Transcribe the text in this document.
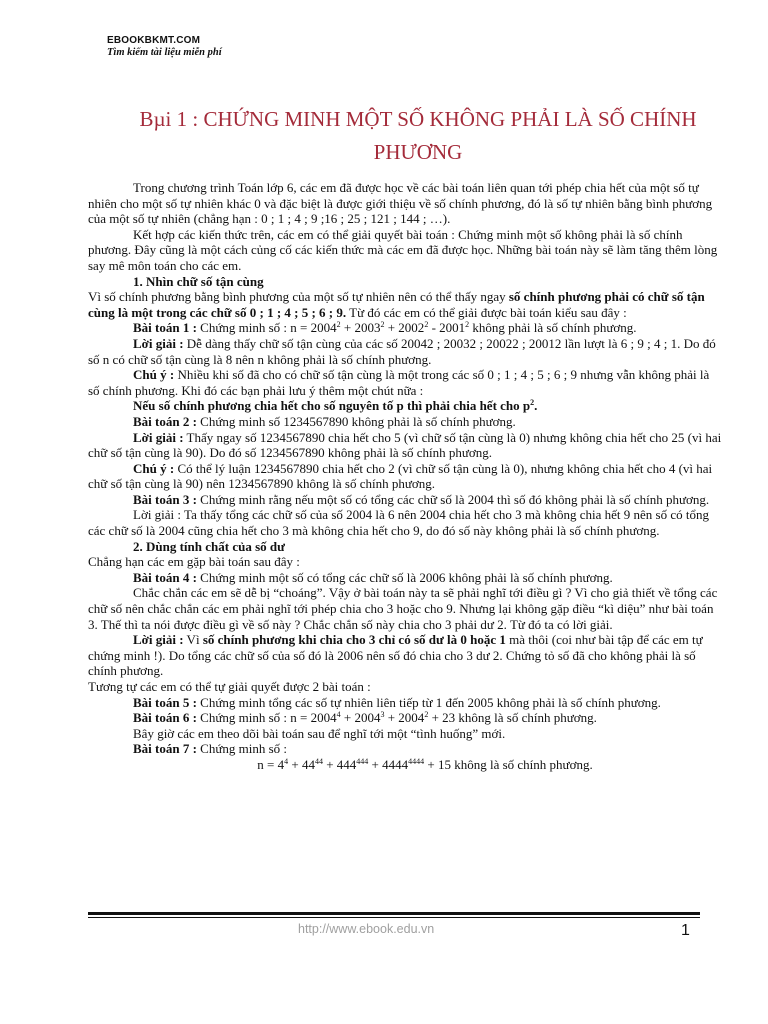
EBOOKBKMT.COM
Tìm kiếm tài liệu miễn phí
Bµi 1 : CHỨNG MINH MỘT SỐ KHÔNG PHẢI LÀ SỐ CHÍNH
PHƯƠNG

Trong chương trình Toán lớp 6, các em đã được học về các bài toán liên quan tới phép chia hết của một số tự nhiên cho một số tự nhiên khác 0 và đặc biệt là được giới thiệu về số chính phương, đó là số tự nhiên bằng bình phương của một số tự nhiên (chẳng hạn : 0 ; 1 ; 4 ; 9 ;16 ; 25 ; 121 ; 144 ; …).

Kết hợp các kiến thức trên, các em có thể giải quyết bài toán : Chứng minh một số không phải là số chính phương. Đây cũng là một cách củng cố các kiến thức mà các em đã được học. Những bài toán này sẽ làm tăng thêm lòng say mê môn toán cho các em.

1. Nhìn chữ số tận cùng

Vì số chính phương bằng bình phương của một số tự nhiên nên có thể thấy ngay số chính phương phải có chữ số tận cùng là một trong các chữ số 0 ; 1 ; 4 ; 5 ; 6 ; 9. Từ đó các em có thể giải được bài toán kiểu sau đây :

Bài toán 1 : Chứng minh số : $n = 2004^2 + 2003^2 + 2002^2 - 2001^2$ không phải là số chính phương.

Lời giải : Dễ dàng thấy chữ số tận cùng của các số 20042 ; 20032 ; 20022 ; 20012 lần lượt là 6 ; 9 ; 4 ; 1. Do đó số n có chữ số tận cùng là 8 nên n không phải là số chính phương.

Chú ý : Nhiều khi số đã cho có chữ số tận cùng là một trong các số 0 ; 1 ; 4 ; 5 ; 6 ; 9 nhưng vẫn không phải là số chính phương. Khi đó các bạn phải lưu ý thêm một chút nữa :

Nếu số chính phương chia hết cho số nguyên tố p thì phải chia hết cho $p^2$.

Bài toán 2 : Chứng minh số 1234567890 không phải là số chính phương.

Lời giải : Thấy ngay số 1234567890 chia hết cho 5 (vì chữ số tận cùng là 0) nhưng không chia hết cho 25 (vì hai chữ số tận cùng là 90). Do đó số 1234567890 không phải là số chính phương.

Chú ý : Có thể lý luận 1234567890 chia hết cho 2 (vì chữ số tận cùng là 0), nhưng không chia hết cho 4 (vì hai chữ số tận cùng là 90) nên 1234567890 không là số chính phương.

Bài toán 3 : Chứng minh rằng nếu một số có tổng các chữ số là 2004 thì số đó không phải là số chính phương.

Lời giải : Ta thấy tổng các chữ số của số 2004 là 6 nên 2004 chia hết cho 3 mà không chia hết 9 nên số có tổng các chữ số là 2004 cũng chia hết cho 3 mà không chia hết cho 9, do đó số này không phải là số chính phương.

2. Dùng tính chất của số dư

Chẳng hạn các em gặp bài toán sau đây :

Bài toán 4 : Chứng minh một số có tổng các chữ số là 2006 không phải là số chính phương.

Chắc chắn các em sẽ dễ bị “choáng”. Vậy ở bài toán này ta sẽ phải nghĩ tới điều gì ? Vì cho giả thiết về tổng các chữ số nên chắc chắn các em phải nghĩ tới phép chia cho 3 hoặc cho 9. Nhưng lại không gặp điều “kì diệu” như bài toán 3. Thế thì ta nói được điều gì về số này ? Chắc chắn số này chia cho 3 phải dư 2. Từ đó ta có lời giải.

Lời giải : Vì số chính phương khi chia cho 3 chỉ có số dư là 0 hoặc 1 mà thôi (coi như bài tập để các em tự chứng minh !). Do tổng các chữ số của số đó là 2006 nên số đó chia cho 3 dư 2. Chứng tỏ số đã cho không phải là số chính phương.

Tương tự các em có thể tự giải quyết được 2 bài toán :

Bài toán 5 : Chứng minh tổng các số tự nhiên liên tiếp từ 1 đến 2005 không phải là số chính phương.

Bài toán 6 : Chứng minh số : $n = 2004^4 + 2004^3 + 2004^2 + 23$ không là số chính phương.

Bây giờ các em theo dõi bài toán sau để nghĩ tới một “tình huống” mới.

Bài toán 7 : Chứng minh số :

$n = 4^4 + 44^{44} + 444^{444} + 4444^{4444} + 15$ không là số chính phương.

http://www.ebook.edu.vn	1
